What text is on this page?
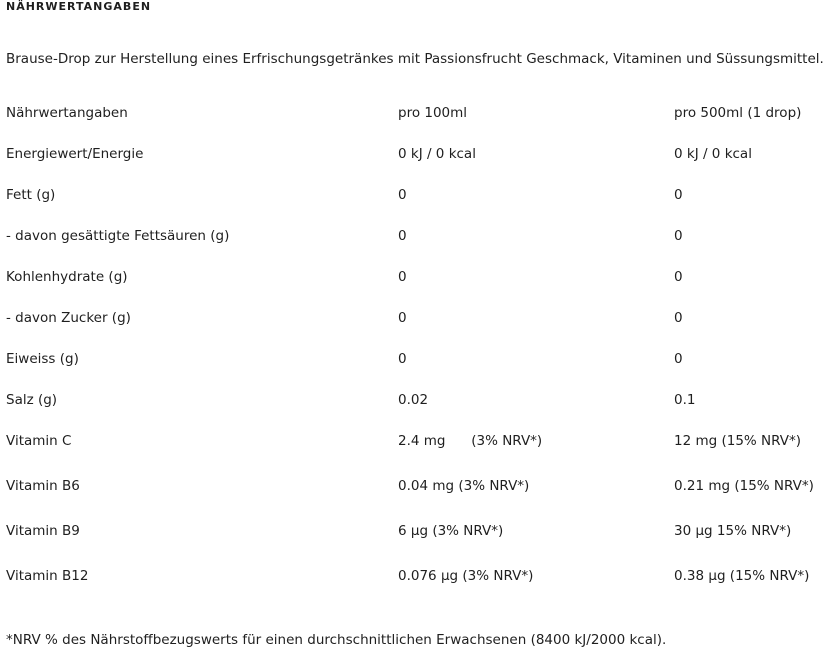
NÄHRWERTANGABEN
Brause-Drop zur Herstellung eines Erfrischungsgetränkes mit Passionsfrucht Geschmack, Vitaminen und Süssungsmittel.
Nährwertangaben	pro 100ml	pro 500ml (1 drop)
Energiewert/Energie	0 kJ / 0 kcal	0 kJ / 0 kcal
Fett (g)	0	0
- davon gesättigte Fettsäuren (g)	0	0
Kohlenhydrate (g)	0	0
- davon Zucker (g)	0	0
Eiweiss (g)	0	0
Salz (g)	0.02	0.1
Vitamin C	2.4 mg      (3% NRV*)	12 mg (15% NRV*)
Vitamin B6	0.04 mg (3% NRV*)	0.21 mg (15% NRV*)
Vitamin B9	6 µg (3% NRV*)	30 µg 15% NRV*)
Vitamin B12	0.076 µg (3% NRV*)	0.38 µg (15% NRV*)
*NRV % des Nährstoffbezugswerts für einen durchschnittlichen Erwachsenen (8400 kJ/2000 kcal).
